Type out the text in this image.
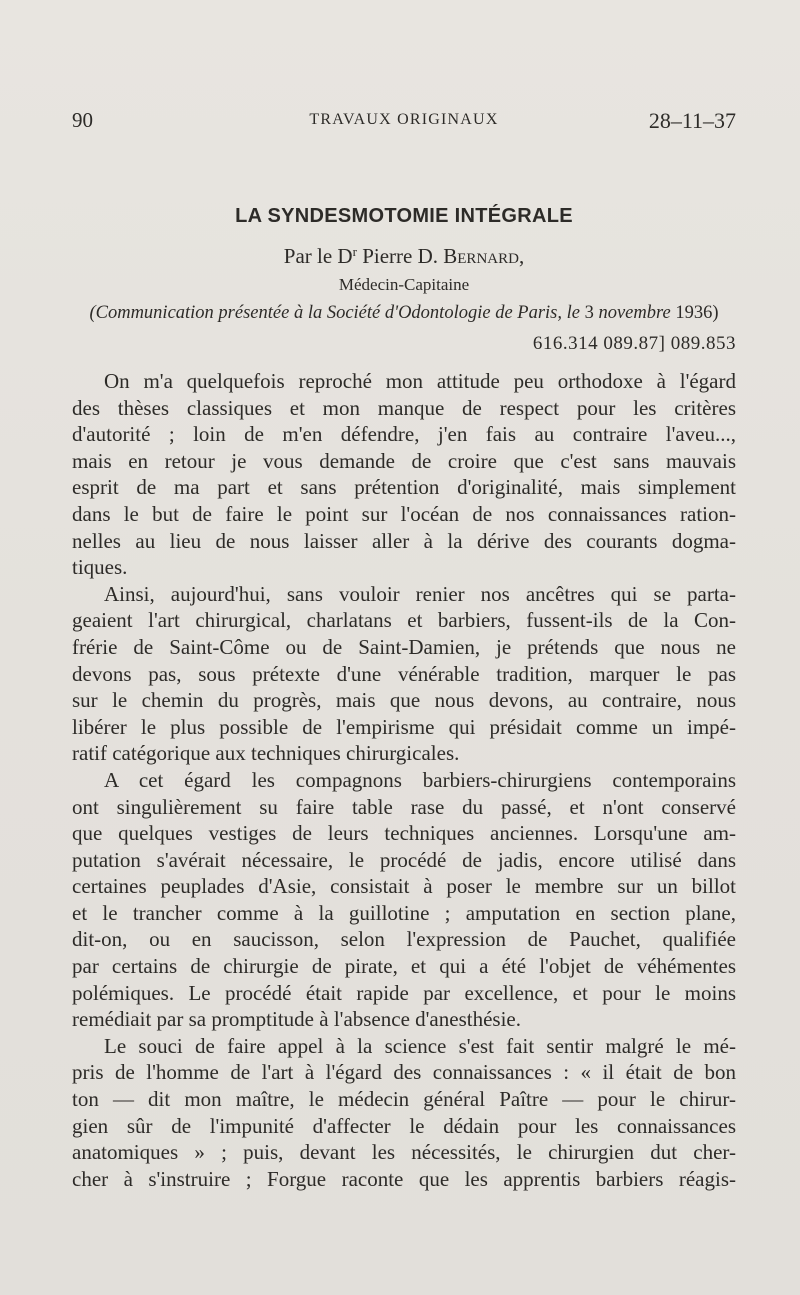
90	TRAVAUX ORIGINAUX	28–11–37
LA SYNDESMOTOMIE INTÉGRALE
Par le $D^r$ Pierre D. Bernard,
Médecin-Capitaine
(Communication présentée à la Société d'Odontologie de Paris, le 3 novembre 1936)
616.314 089.87] 089.853
On m'a quelquefois reproché mon attitude peu orthodoxe à l'égard
des thèses classiques et mon manque de respect pour les critères
d'autorité ; loin de m'en défendre, j'en fais au contraire l'aveu...,
mais en retour je vous demande de croire que c'est sans mauvais
esprit de ma part et sans prétention d'originalité, mais simplement
dans le but de faire le point sur l'océan de nos connaissances ration-
nelles au lieu de nous laisser aller à la dérive des courants dogma-
tiques.
Ainsi, aujourd'hui, sans vouloir renier nos ancêtres qui se parta-
geaient l'art chirurgical, charlatans et barbiers, fussent-ils de la Con-
frérie de Saint-Côme ou de Saint-Damien, je prétends que nous ne
devons pas, sous prétexte d'une vénérable tradition, marquer le pas
sur le chemin du progrès, mais que nous devons, au contraire, nous
libérer le plus possible de l'empirisme qui présidait comme un impé-
ratif catégorique aux techniques chirurgicales.
A cet égard les compagnons barbiers-chirurgiens contemporains
ont singulièrement su faire table rase du passé, et n'ont conservé
que quelques vestiges de leurs techniques anciennes. Lorsqu'une am-
putation s'avérait nécessaire, le procédé de jadis, encore utilisé dans
certaines peuplades d'Asie, consistait à poser le membre sur un billot
et le trancher comme à la guillotine ; amputation en section plane,
dit-on, ou en saucisson, selon l'expression de Pauchet, qualifiée
par certains de chirurgie de pirate, et qui a été l'objet de véhémentes
polémiques. Le procédé était rapide par excellence, et pour le moins
remédiait par sa promptitude à l'absence d'anesthésie.
Le souci de faire appel à la science s'est fait sentir malgré le mé-
pris de l'homme de l'art à l'égard des connaissances : « il était de bon
ton — dit mon maître, le médecin général Paître — pour le chirur-
gien sûr de l'impunité d'affecter le dédain pour les connaissances
anatomiques » ; puis, devant les nécessités, le chirurgien dut cher-
cher à s'instruire ; Forgue raconte que les apprentis barbiers réagis-
